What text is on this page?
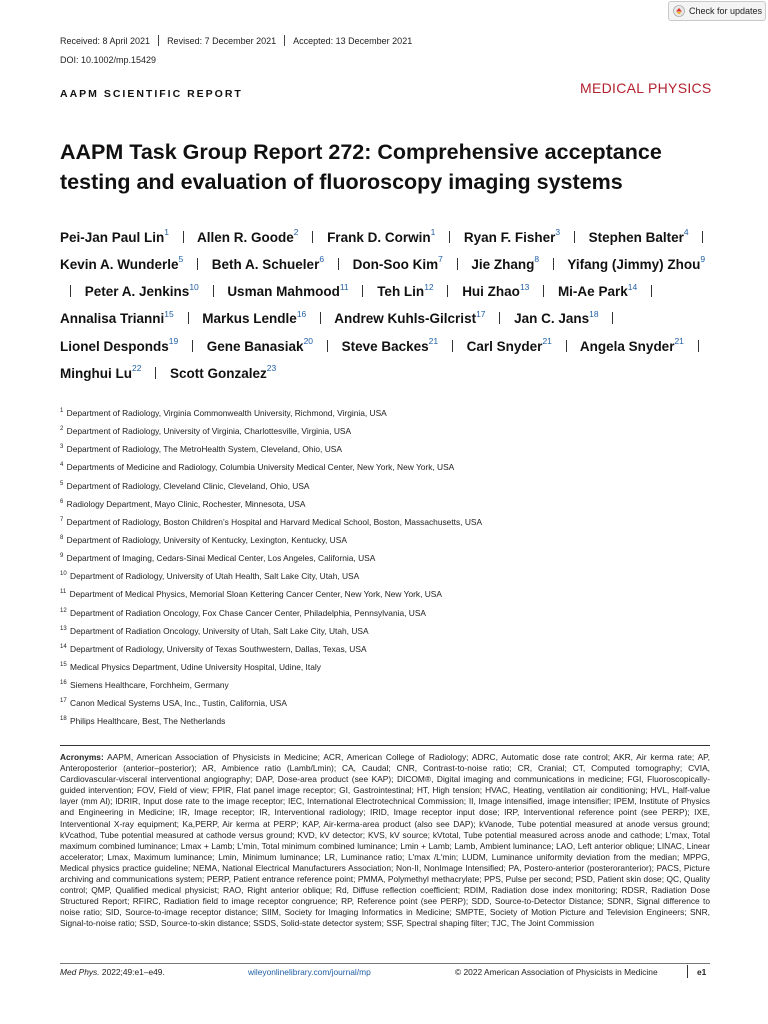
Check for updates
Received: 8 April 2021 Revised: 7 December 2021 Accepted: 13 December 2021
DOI: 10.1002/mp.15429
AAPM SCIENTIFIC REPORT	MEDICAL PHYSICS
AAPM Task Group Report 272: Comprehensive acceptance testing and evaluation of fluoroscopy imaging systems
Pei-Jan Paul Lin$^1$ Allen R. Goode$^2$ Frank D. Corwin$^1$ Ryan F. Fisher$^3$ Stephen Balter$^4$  Kevin A. Wunderle$^5$ Beth A. Schueler$^6$ Don-Soo Kim$^7$ Jie Zhang$^8$ Yifang (Jimmy) Zhou$^9$  Peter A. Jenkins$^{10}$ Usman Mahmood$^{11}$ Teh Lin$^{12}$ Hui Zhao$^{13}$ Mi-Ae Park$^{14}$  Annalisa Trianni$^{15}$ Markus Lendle$^{16}$ Andrew Kuhls-Gilcrist$^{17}$ Jan C. Jans$^{18}$  Lionel Desponds$^{19}$ Gene Banasiak$^{20}$ Steve Backes$^{21}$ Carl Snyder$^{21}$ Angela Snyder$^{21}$  Minghui Lu$^{22}$ Scott Gonzalez$^{23}$
$^1$ Department of Radiology, Virginia Commonwealth University, Richmond, Virginia, USA
$^2$ Department of Radiology, University of Virginia, Charlottesville, Virginia, USA
$^3$ Department of Radiology, The MetroHealth System, Cleveland, Ohio, USA
$^4$ Departments of Medicine and Radiology, Columbia University Medical Center, New York, New York, USA
$^5$ Department of Radiology, Cleveland Clinic, Cleveland, Ohio, USA
$^6$ Radiology Department, Mayo Clinic, Rochester, Minnesota, USA
$^7$ Department of Radiology, Boston Children’s Hospital and Harvard Medical School, Boston, Massachusetts, USA
$^8$ Department of Radiology, University of Kentucky, Lexington, Kentucky, USA
$^9$ Department of Imaging, Cedars-Sinai Medical Center, Los Angeles, California, USA
$^{10}$ Department of Radiology, University of Utah Health, Salt Lake City, Utah, USA
$^{11}$ Department of Medical Physics, Memorial Sloan Kettering Cancer Center, New York, New York, USA
$^{12}$ Department of Radiation Oncology, Fox Chase Cancer Center, Philadelphia, Pennsylvania, USA
$^{13}$ Department of Radiation Oncology, University of Utah, Salt Lake City, Utah, USA
$^{14}$ Department of Radiology, University of Texas Southwestern, Dallas, Texas, USA
$^{15}$ Medical Physics Department, Udine University Hospital, Udine, Italy
$^{16}$ Siemens Healthcare, Forchheim, Germany
$^{17}$ Canon Medical Systems USA, Inc., Tustin, California, USA
$^{18}$ Philips Healthcare, Best, The Netherlands

Acronyms: AAPM, American Association of Physicists in Medicine; ACR, American College of Radiology; ADRC, Automatic dose rate control; AKR, Air kerma rate; AP, Anteroposterior (anterior–posterior); AR, Ambience ratio (Lamb/Lmin); CA, Caudal; CNR, Contrast-to-noise ratio; CR, Cranial; CT, Computed tomography; CVIA, Cardiovascular-visceral interventional angiography; DAP, Dose-area product (see KAP); DICOM®, Digital imaging and communications in medicine; FGI, Fluoroscopically-guided intervention; FOV, Field of view; FPIR, Flat panel image receptor; GI, Gastrointestinal; HT, High tension; HVAC, Heating, ventilation air conditioning; HVL, Half-value layer (mm Al); IDRIR, Input dose rate to the image receptor; IEC, International Electrotechnical Commission; II, Image intensified, image intensifier; IPEM, Institute of Physics and Engineering in Medicine; IR, Image receptor; IR, Interventional radiology; IRID, Image receptor input dose; IRP, Interventional reference point (see PERP); IXE, Interventional X-ray equipment; Ka,PERP, Air kerma at PERP; KAP, Air-kerma-area product (also see DAP); kVanode, Tube potential measured at anode versus ground; kVcathod, Tube potential measured at cathode versus ground; KVD, kV detector; KVS, kV source; kVtotal, Tube potential measured across anode and cathode; L′max, Total maximum combined luminance; Lmax + Lamb; L′min, Total minimum combined luminance; Lmin + Lamb; Lamb, Ambient luminance; LAO, Left anterior oblique; LINAC, Linear accelerator; Lmax, Maximum luminance; Lmin, Minimum luminance; LR, Luminance ratio; L′max /L′min; LUDM, Luminance uniformity deviation from the median; MPPG, Medical physics practice guideline; NEMA, National Electrical Manufacturers Association; Non-II, NonImage Intensified; PA, Postero-anterior (posteroranterior); PACS, Picture archiving and communications system; PERP, Patient entrance reference point; PMMA, Polymethyl methacrylate; PPS, Pulse per second; PSD, Patient skin dose; QC, Quality control; QMP, Qualified medical physicist; RAO, Right anterior oblique; Rd, Diffuse reflection coefficient; RDIM, Radiation dose index monitoring; RDSR, Radiation Dose Structured Report; RFIRC, Radiation field to image receptor congruence; RP, Reference point (see PERP); SDD, Source-to-Detector Distance; SDNR, Signal difference to noise ratio; SID, Source-to-image receptor distance; SIIM, Society for Imaging Informatics in Medicine; SMPTE, Society of Motion Picture and Television Engineers; SNR, Signal-to-noise ratio; SSD, Source-to-skin distance; SSDS, Solid-state detector system; SSF, Spectral shaping filter; TJC, The Joint Commission

Med Phys. 2022;49:e1–e49.	wileyonlinelibrary.com/journal/mp	© 2022 American Association of Physicists in Medicine	e1
